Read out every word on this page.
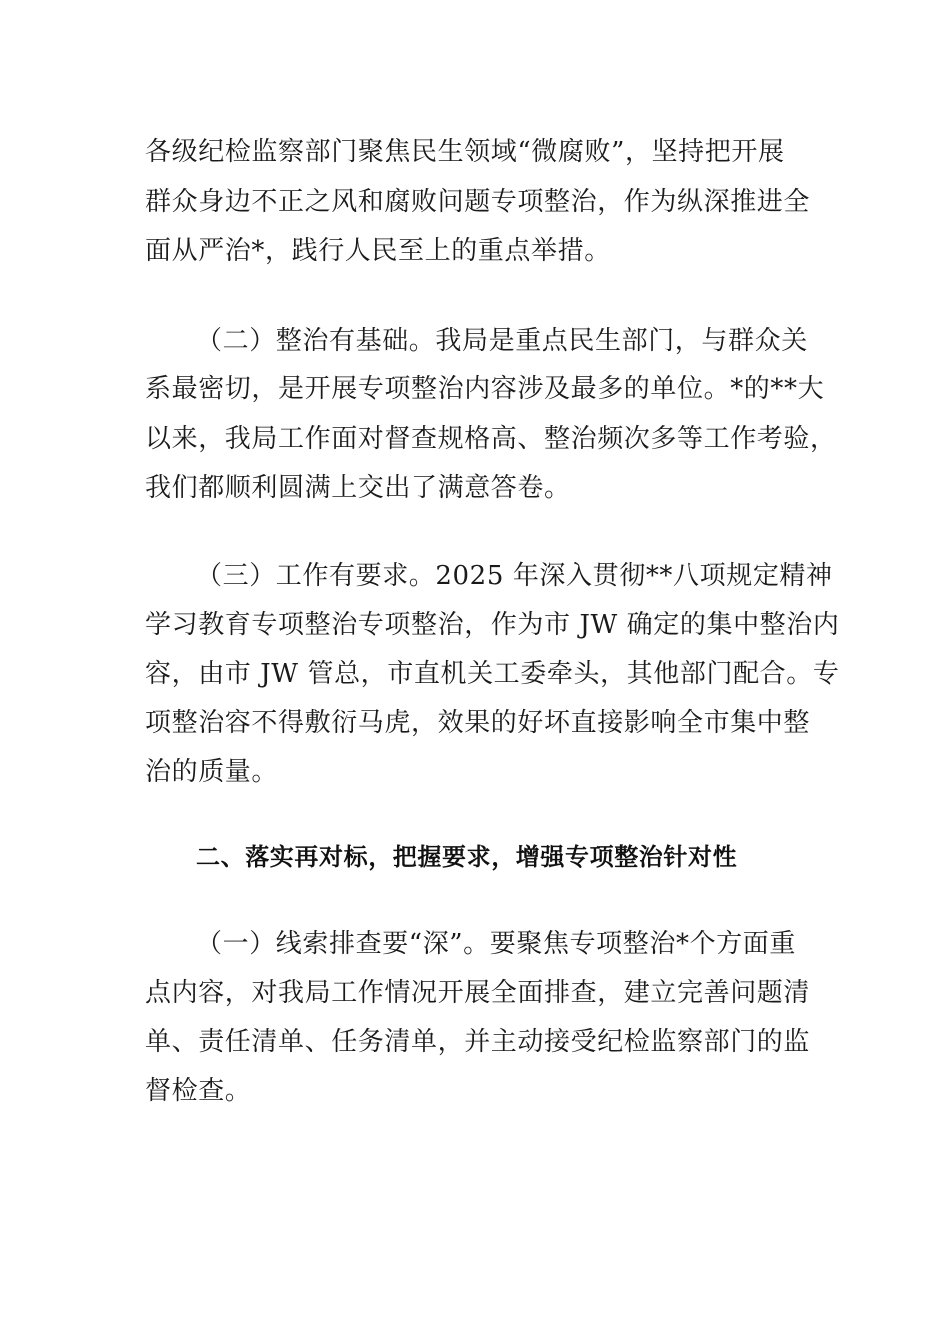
各级纪检监察部门聚焦民生领域“微腐败”，坚持把开展

群众身边不正之风和腐败问题专项整治，作为纵深推进全

面从严治*，践行人民至上的重点举措。

（二）整治有基础。我局是重点民生部门，与群众关

系最密切，是开展专项整治内容涉及最多的单位。*的**大

以来，我局工作面对督查规格高、整治频次多等工作考验，

我们都顺利圆满上交出了满意答卷。

（三）工作有要求。2025 年深入贯彻**八项规定精神

学习教育专项整治专项整治，作为市 JW 确定的集中整治内

容，由市 JW 管总，市直机关工委牵头，其他部门配合。专

项整治容不得敷衍马虎，效果的好坏直接影响全市集中整

治的质量。

二、落实再对标，把握要求，增强专项整治针对性

（一）线索排查要“深”。要聚焦专项整治*个方面重

点内容，对我局工作情况开展全面排查，建立完善问题清

单、责任清单、任务清单，并主动接受纪检监察部门的监

督检查。
